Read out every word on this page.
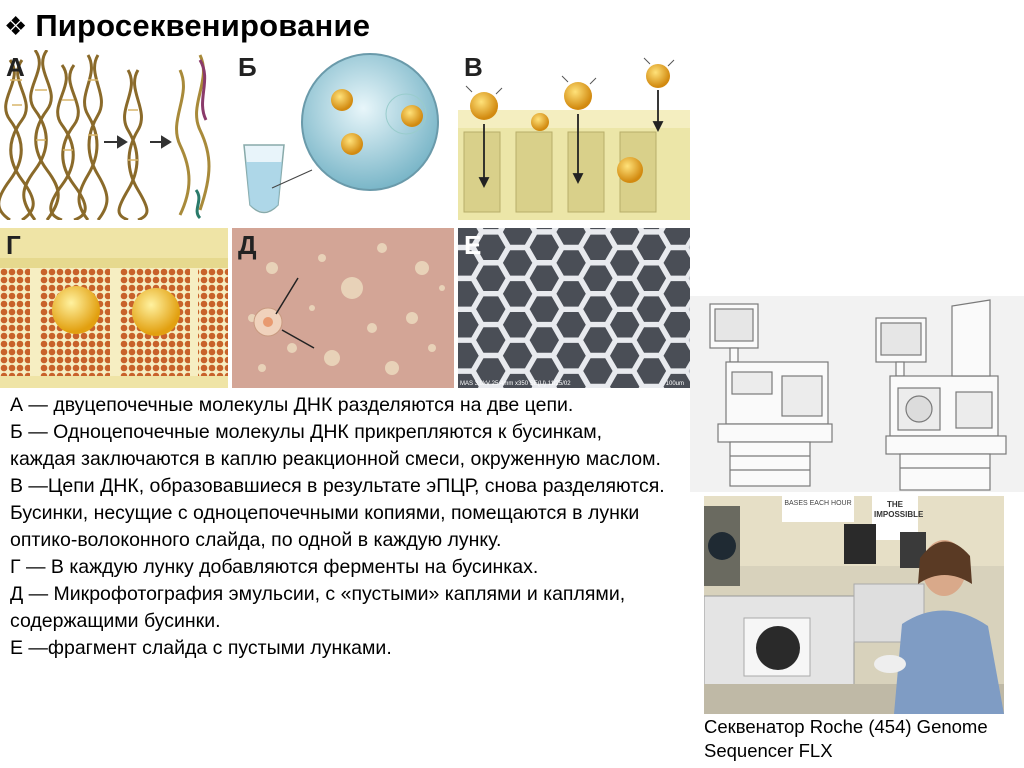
❖ Пиросеквенирование
А	Б	В
Г	Д
MAS 3.0kV 25.4mm x350 SE(U) 11/25/02	100um
Е

А — двуцепочечные молекулы ДНК разделяются на две цепи.

Б — Одноцепочечные молекулы ДНК прикрепляются к бусинкам, каждая заключаются в каплю реакционной смеси, окруженную маслом.

В —Цепи ДНК, образовавшиеся в результате эПЦР, снова разделяются. Бусинки, несущие с одноцепочечными копиями, помещаются в лунки оптико-волоконного слайда, по одной в каждую лунку.

Г — В каждую лунку добавляются ферменты на бусинках.

Д — Микрофотография эмульсии, с «пустыми» каплями и каплями, содержащими бусинки.

Е —фрагмент слайда с пустыми лунками.

BASES EACH HOUR	THE IMPOSSIBLE
Секвенатор Roche (454) Genome Sequencer FLX
